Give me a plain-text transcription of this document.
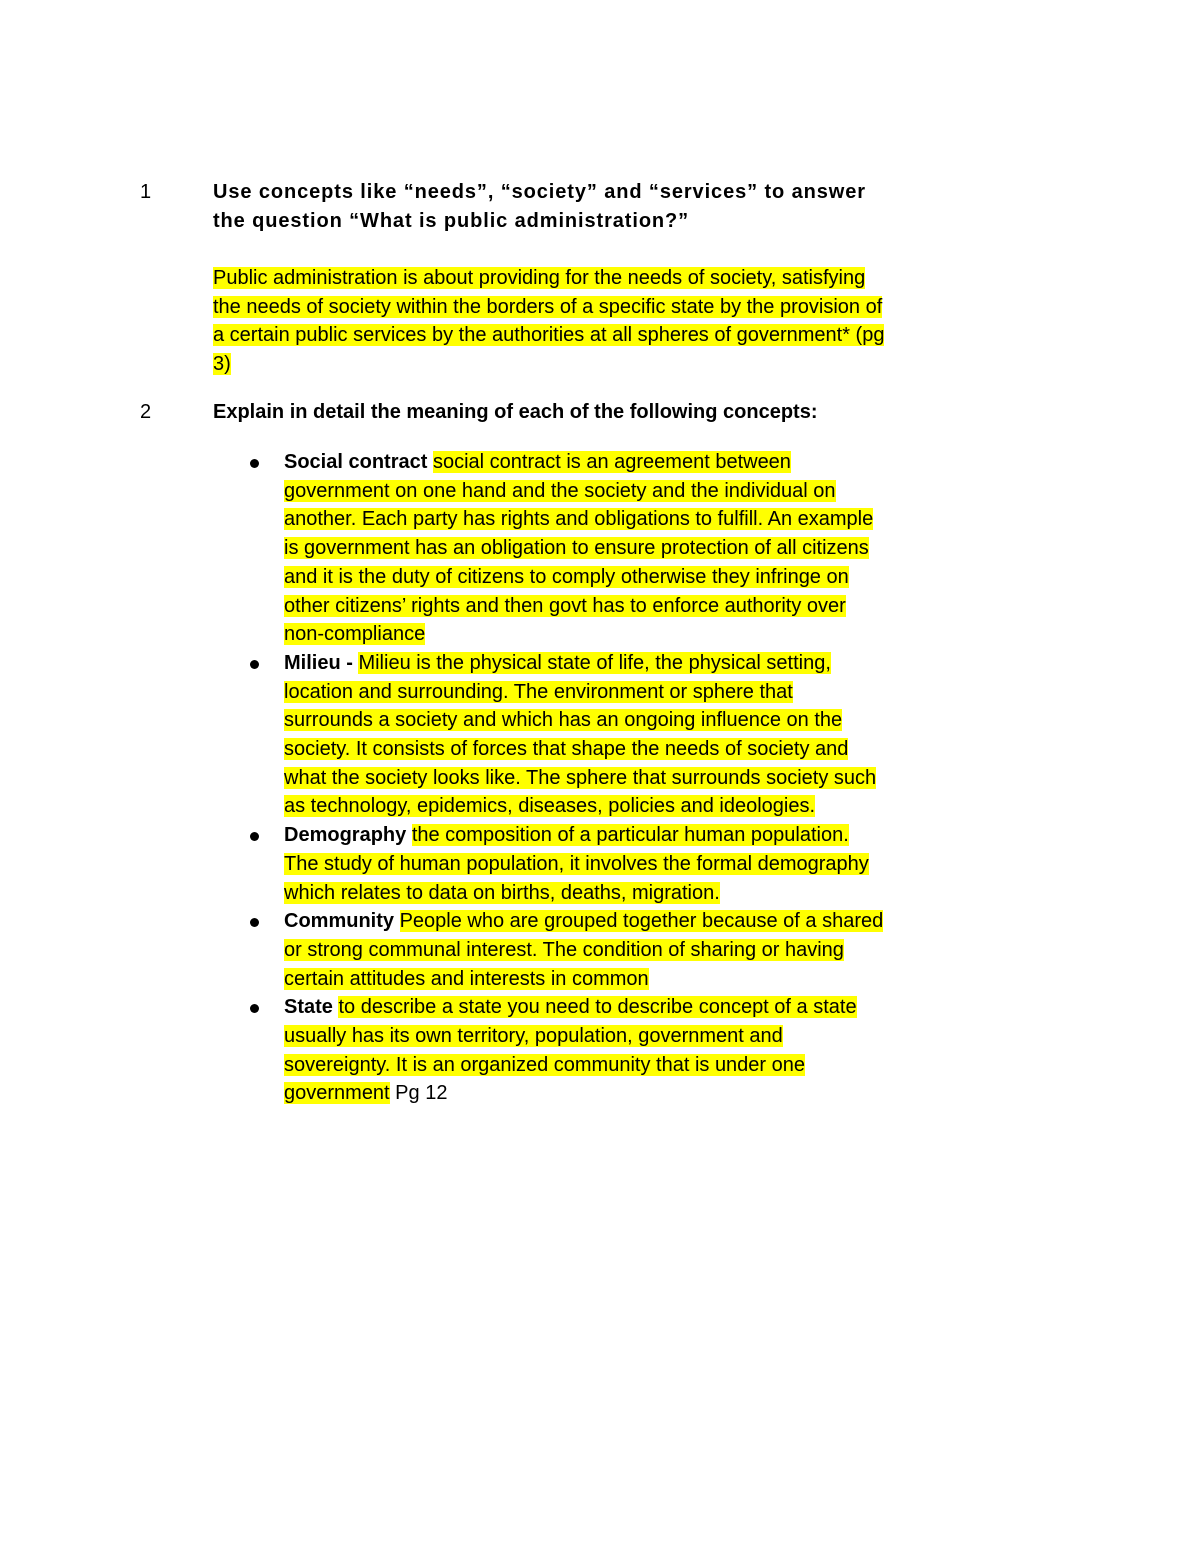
1	Use concepts like “needs”, “society” and “services” to answer the question “What is public administration?”
Public administration is about providing for the needs of society, satisfying the needs of society within the borders of a specific state by the provision of a certain public services by the authorities at all spheres of government* (pg 3)
2	Explain in detail the meaning of each of the following concepts:
Social contract social contract is an agreement between government on one hand and the society and the individual on another. Each party has rights and obligations to fulfill. An example is government has an obligation to ensure protection of all citizens and it is the duty of citizens to comply otherwise they infringe on other citizens’ rights and then govt has to enforce authority over non-compliance
Milieu - Milieu is the physical state of life, the physical setting, location and surrounding. The environment or sphere that surrounds a society and which has an ongoing influence on the society. It consists of forces that shape the needs of society and what the society looks like. The sphere that surrounds society such as technology, epidemics, diseases, policies and ideologies.
Demography the composition of a particular human population. The study of human population, it involves the formal demography which relates to data on births, deaths, migration.
Community People who are grouped together because of a shared or strong communal interest. The condition of sharing or having certain attitudes and interests in common
State to describe a state you need to describe concept of a state usually has its own territory, population, government and sovereignty. It is an organized community that is under one government Pg 12
